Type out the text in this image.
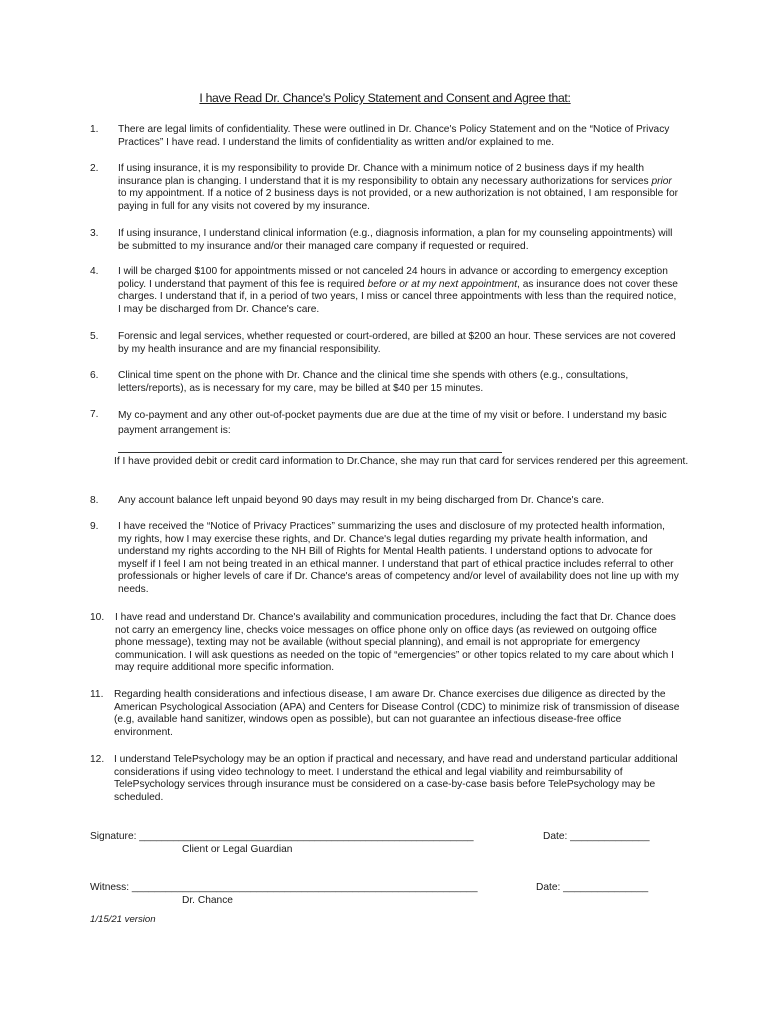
I have Read Dr. Chance's Policy Statement and Consent and Agree that:
1. There are legal limits of confidentiality. These were outlined in Dr. Chance's Policy Statement and on the “Notice of Privacy Practices” I have read. I understand the limits of confidentiality as written and/or explained to me.
2. If using insurance, it is my responsibility to provide Dr. Chance with a minimum notice of 2 business days if my health insurance plan is changing. I understand that it is my responsibility to obtain any necessary authorizations for services prior to my appointment. If a notice of 2 business days is not provided, or a new authorization is not obtained, I am responsible for paying in full for any visits not covered by my insurance.
3. If using insurance, I understand clinical information (e.g., diagnosis information, a plan for my counseling appointments) will be submitted to my insurance and/or their managed care company if requested or required.
4. I will be charged $100 for appointments missed or not canceled 24 hours in advance or according to emergency exception policy. I understand that payment of this fee is required before or at my next appointment, as insurance does not cover these charges. I understand that if, in a period of two years, I miss or cancel three appointments with less than the required notice, I may be discharged from Dr. Chance's care.
5. Forensic and legal services, whether requested or court-ordered, are billed at $200 an hour. These services are not covered by my health insurance and are my financial responsibility.
6. Clinical time spent on the phone with Dr. Chance and the clinical time she spends with others (e.g., consultations, letters/reports), as is necessary for my care, may be billed at $40 per 15 minutes.
7. My co-payment and any other out-of-pocket payments due are due at the time of my visit or before. I understand my basic payment arrangement is:
If I have provided debit or credit card information to Dr.Chance, she may run that card for services rendered per this agreement.
8. Any account balance left unpaid beyond 90 days may result in my being discharged from Dr. Chance's care.
9. I have received the “Notice of Privacy Practices” summarizing the uses and disclosure of my protected health information, my rights, how I may exercise these rights, and Dr. Chance's legal duties regarding my private health information, and understand my rights according to the NH Bill of Rights for Mental Health patients. I understand options to advocate for myself if I feel I am not being treated in an ethical manner. I understand that part of ethical practice includes referral to other professionals or higher levels of care if Dr. Chance's areas of competency and/or level of availability does not line up with my needs.
10. I have read and understand Dr. Chance's availability and communication procedures, including the fact that Dr. Chance does not carry an emergency line, checks voice messages on office phone only on office days (as reviewed on outgoing office phone message), texting may not be available (without special planning), and email is not appropriate for emergency communication. I will ask questions as needed on the topic of “emergencies” or other topics related to my care about which I may require additional more specific information.
11. Regarding health considerations and infectious disease, I am aware Dr. Chance exercises due diligence as directed by the American Psychological Association (APA) and Centers for Disease Control (CDC) to minimize risk of transmission of disease (e.g, available hand sanitizer, windows open as possible), but can not guarantee an infectious disease-free office environment.
12. I understand TelePsychology may be an option if practical and necessary, and have read and understand particular additional considerations if using video technology to meet. I understand the ethical and legal viability and reimbursability of TelePsychology services through insurance must be considered on a case-by-case basis before TelePsychology may be scheduled.
Signature: ___________________________________________________________	Date: ______________
Client or Legal Guardian
Witness: _____________________________________________________________	Date: _______________
Dr. Chance
1/15/21 version
